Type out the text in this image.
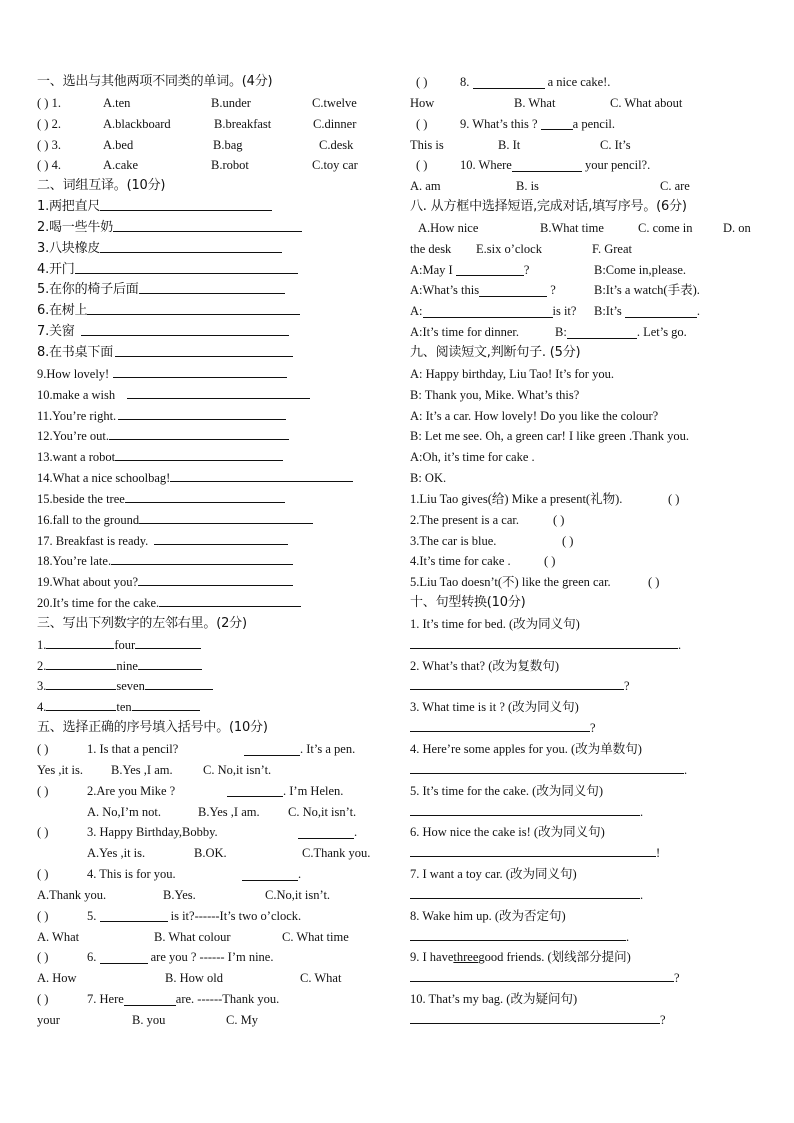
一、选出与其他两项不同类的单词。(4分)
( ) 1.	A.ten	B.under	C.twelve
( ) 2.	A.blackboard	B.breakfast	C.dinner
( ) 3.	A.bed	B.bag	C.desk
( ) 4.	A.cake	B.robot	C.toy car
二、词组互译。(10分)
1.两把直尺
2.喝一些牛奶
3.八块橡皮
4.开门
5.在你的椅子后面
6.在树上
7.关窗
8.在书桌下面
9.How lovely!
10.make a wish
11.You’re right.
12.You’re out.
13.want a robot
14.What a nice schoolbag!
15.beside the tree
16.fall to the ground
17. Breakfast is ready.
18.You’re late.
19.What about you?
20.It’s time for the cake.
三、写出下列数字的左邻右里。(2分)
1.	four
2.	nine
3.	seven
4.	ten
五、选择正确的序号填入括号中。(10分)
( )	1. Is that a pencil?	. It’s a pen.
Yes ,it is. B.Yes ,I am. C. No,it isn’t.
( )	2.Are you Mike ?	. I’m Helen.
A. No,I’m not.	B.Yes ,I am. C. No,it isn’t.
( )	3. Happy Birthday,Bobby.	.
A.Yes ,it is.	B.OK.	C.Thank you.
( )	4. This is for you.	.
A.Thank you.	B.Yes.	C.No,it isn’t.
( )	5.	is it?------It’s two o’clock.
A. What	B. What colour	C. What time
( )	6.	are you ? ------ I’m nine.
A. How	B. How old	C. What
( )	7. Here	are. ------Thank you.
your	B. you	C. My
( )	8.	a nice cake!.
How	B. What	C. What about
( )	9. What’s this ?	a pencil.
This is	B. It	C. It’s
( )	10. Where	your pencil?.
A. am	B. is	C. are
八. 从方框中选择短语,完成对话,填写序号。(6分)
A.How nice	B.What time	C. come in D. on
the desk E.six o’clock	F. Great
A:May I	?	B:Come in,please.
A:What’s this	?	B:It’s a watch(手表).
A:	is it? B:It’s	.
A:It’s time for dinner.	B:	. Let’s go.
九、阅读短文,判断句子. (5分)
A: Happy birthday, Liu Tao! It’s for you.
B: Thank you, Mike. What’s this?
A: It’s a car. How lovely! Do you like the colour?
B: Let me see. Oh, a green car! I like green .Thank you.
A:Oh, it’s time for cake .
B: OK.
1.Liu Tao gives(给) Mike a present(礼物).	( )
2.The present is a car.	( )
3.The car is blue.	( )
4.It’s time for cake .	( )
5.Liu Tao doesn’t(不) like the green car.	( )
十、句型转换(10分)
1. It’s time for bed. (改为同义句)
.
2. What’s that? (改为复数句)
?
3. What time is it ? (改为同义句)
?
4. Here’re some apples for you. (改为单数句)
.
5. It’s time for the cake. (改为同义句)
.
6. How nice the cake is! (改为同义句)
!
7. I want a toy car. (改为同义句)
.
8. Wake him up. (改为否定句)
.
9. I havethreegood friends. (划线部分提问)
?
10. That’s my bag. (改为疑问句)
?
